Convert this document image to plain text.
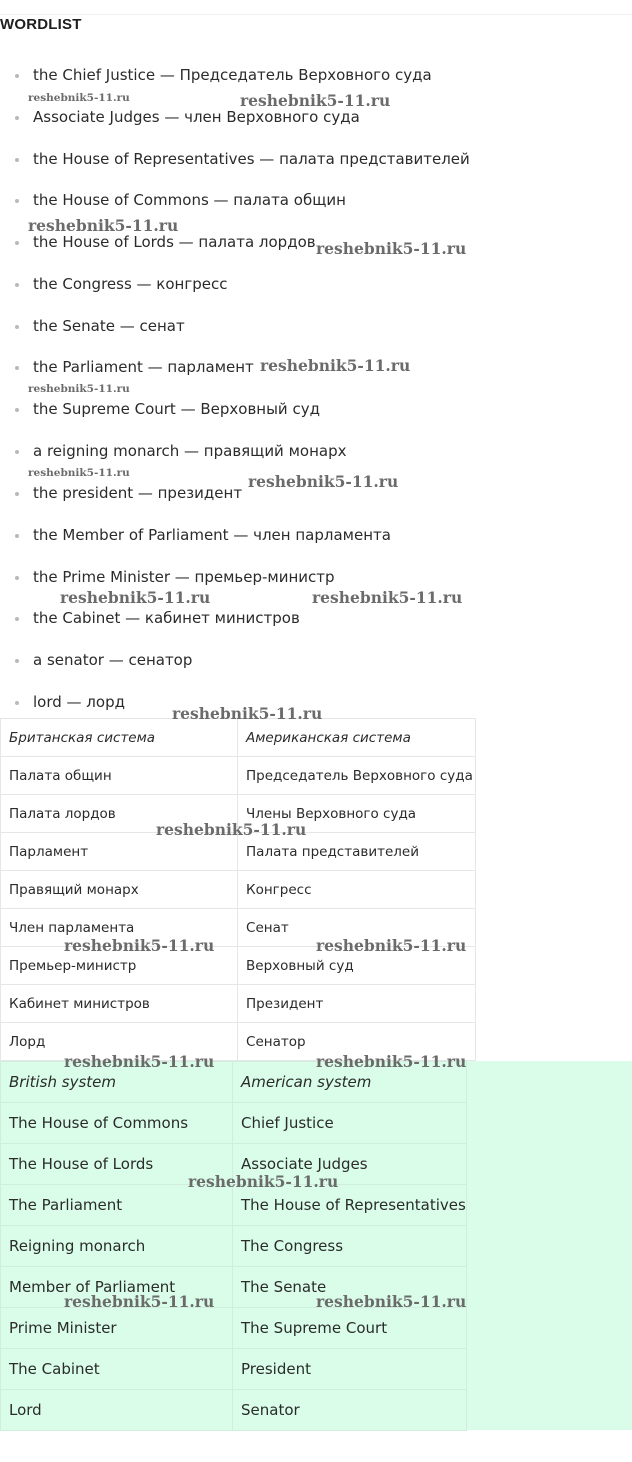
WORDLIST
the Chief Justice — Председатель Верховного суда
Associate Judges — член Верховного суда
the House of Representatives — палата представителей
the House of Commons — палата общин
the House of Lords — палата лордов
the Congress — конгресс
the Senate — сенат
the Parliament — парламент
the Supreme Court — Верховный суд
a reigning monarch — правящий монарх
the president — президент
the Member of Parliament — член парламента
the Prime Minister — премьер-министр
the Cabinet — кабинет министров
a senator — сенатор
lord — лорд
Британская система	Американская система
Палата общин	Председатель Верховного суда
Палата лордов	Члены Верховного суда
Парламент	Палата представителей
Правящий монарх	Конгресс
Член парламента	Сенат
Премьер-министр	Верховный суд
Кабинет министров	Президент
Лорд	Сенатор
British system	American system
The House of Commons	Chief Justice
The House of Lords	Associate Judges
The Parliament	The House of Representatives
Reigning monarch	The Congress
Member of Parliament	The Senate
Prime Minister	The Supreme Court
The Cabinet	President
Lord	Senator
reshebnik5-11.ru	reshebnik5-11.ru
reshebnik5-11.ru
reshebnik5-11.ru
reshebnik5-11.ru
reshebnik5-11.ru
reshebnik5-11.ru	reshebnik5-11.ru
reshebnik5-11.ru	reshebnik5-11.ru
reshebnik5-11.ru
reshebnik5-11.ru
reshebnik5-11.ru	reshebnik5-11.ru
reshebnik5-11.ru	reshebnik5-11.ru
reshebnik5-11.ru
reshebnik5-11.ru	reshebnik5-11.ru
